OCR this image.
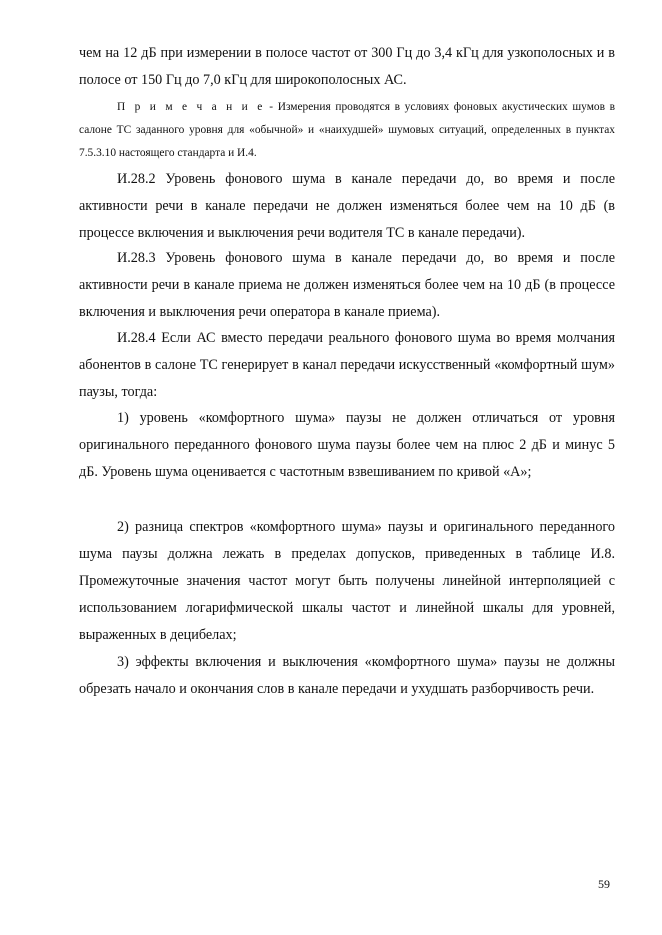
чем на 12 дБ при измерении в полосе частот от 300 Гц до 3,4 кГц для узкополосных и в полосе от 150 Гц до 7,0 кГц для широкополосных АС.

П р и м е ч а н и е - Измерения проводятся в условиях фоновых акустических шумов в салоне ТС заданного уровня для «обычной» и «наихудшей» шумовых ситуаций, определенных в пунктах 7.5.3.10 настоящего стандарта и И.4.

И.28.2 Уровень фонового шума в канале передачи до, во время и после активности речи в канале передачи не должен изменяться более чем на 10 дБ (в процессе включения и выключения речи водителя ТС в канале передачи).

И.28.3 Уровень фонового шума в канале передачи до, во время и после активности речи в канале приема не должен изменяться более чем на 10 дБ (в процессе включения и выключения речи оператора в канале приема).

И.28.4 Если АС вместо передачи реального фонового шума во время молчания абонентов в салоне ТС генерирует в канал передачи искусственный «комфортный шум» паузы, тогда:

1) уровень «комфортного шума» паузы не должен отличаться от уровня оригинального переданного фонового шума паузы более чем на плюс 2 дБ и минус 5 дБ. Уровень шума оценивается с частотным взвешиванием по кривой «А»;

2) разница спектров «комфортного шума» паузы и оригинального переданного шума паузы должна лежать в пределах допусков, приведенных в таблице И.8. Промежуточные значения частот могут быть получены линейной интерполяцией с использованием логарифмической шкалы частот и линейной шкалы для уровней, выраженных в децибелах;

3) эффекты включения и выключения «комфортного шума» паузы не должны обрезать начало и окончания слов в канале передачи и ухудшать разборчивость речи.

59
